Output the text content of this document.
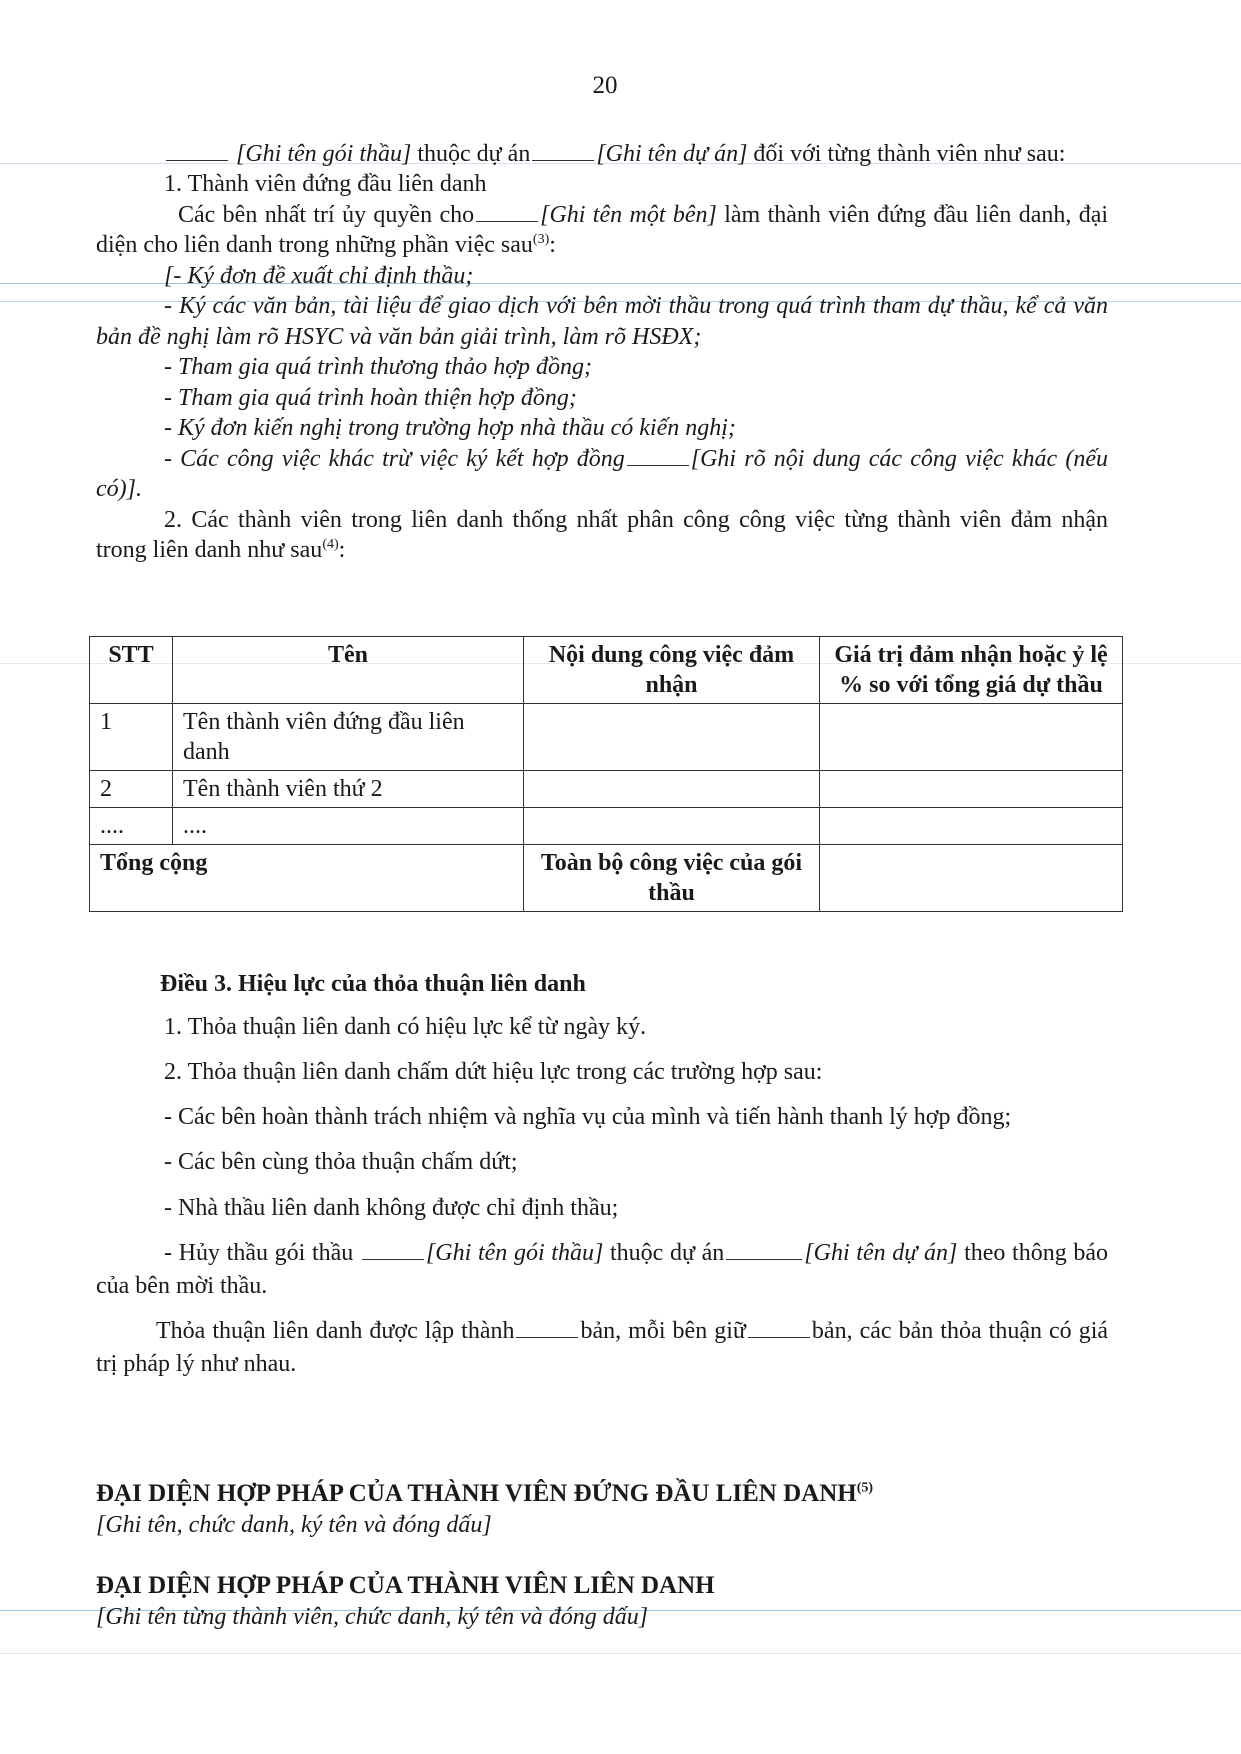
20

[Ghi tên gói thầu] thuộc dự án	[Ghi tên dự án] đối với từng thành viên như sau:

1. Thành viên đứng đầu liên danh

Các bên nhất trí ủy quyền cho	[Ghi tên một bên] làm thành viên đứng đầu liên danh, đại diện cho liên danh trong những phần việc sau$^{(3)}$:

[- Ký đơn đề xuất chỉ định thầu;

- Ký các văn bản, tài liệu để giao dịch với bên mời thầu trong quá trình tham dự thầu, kể cả văn bản đề nghị làm rõ HSYC và văn bản giải trình, làm rõ HSĐX;

- Tham gia quá trình thương thảo hợp đồng;

- Tham gia quá trình hoàn thiện hợp đồng;

- Ký đơn kiến nghị trong trường hợp nhà thầu có kiến nghị;

- Các công việc khác trừ việc ký kết hợp đồng	[Ghi rõ nội dung các công việc khác (nếu có)].

2. Các thành viên trong liên danh thống nhất phân công công việc từng thành viên đảm nhận trong liên danh như sau$^{(4)}$:

STT	Tên	Nội dung công việc đảm nhận	Giá trị đảm nhận hoặc ỷ lệ % so với tổng giá dự thầu
1	Tên thành viên đứng đầu liên danh		
2	Tên thành viên thứ 2		
....	....		
Tổng cộng		Toàn bộ công việc của gói thầu	

Điều 3. Hiệu lực của thỏa thuận liên danh

1. Thỏa thuận liên danh có hiệu lực kể từ ngày ký.

2. Thỏa thuận liên danh chấm dứt hiệu lực trong các trường hợp sau:

- Các bên hoàn thành trách nhiệm và nghĩa vụ của mình và tiến hành thanh lý hợp đồng;

- Các bên cùng thỏa thuận chấm dứt;

- Nhà thầu liên danh không được chỉ định thầu;

- Hủy thầu gói thầu	[Ghi tên gói thầu] thuộc dự án	[Ghi tên dự án] theo thông báo của bên mời thầu.

Thỏa thuận liên danh được lập thành	bản, mỗi bên giữ	bản, các bản thỏa thuận có giá trị pháp lý như nhau.

ĐẠI DIỆN HỢP PHÁP CỦA THÀNH VIÊN ĐỨNG ĐẦU LIÊN DANH$^{(5)}$

[Ghi tên, chức danh, ký tên và đóng dấu]

ĐẠI DIỆN HỢP PHÁP CỦA THÀNH VIÊN LIÊN DANH

[Ghi tên từng thành viên, chức danh, ký tên và đóng dấu]
